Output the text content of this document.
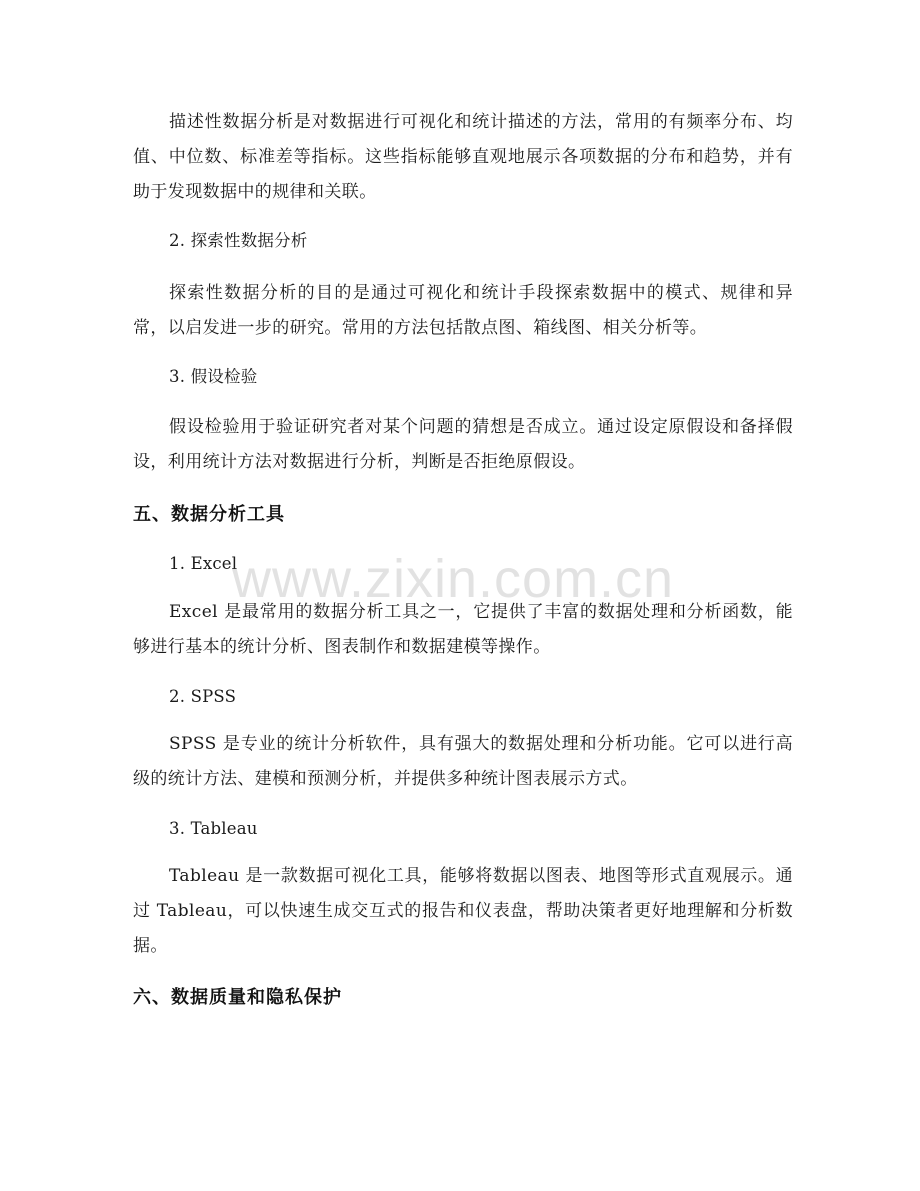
描述性数据分析是对数据进行可视化和统计描述的方法，常用的有频率分布、均值、中位数、标准差等指标。这些指标能够直观地展示各项数据的分布和趋势，并有助于发现数据中的规律和关联。

2. 探索性数据分析

探索性数据分析的目的是通过可视化和统计手段探索数据中的模式、规律和异常，以启发进一步的研究。常用的方法包括散点图、箱线图、相关分析等。

3. 假设检验

假设检验用于验证研究者对某个问题的猜想是否成立。通过设定原假设和备择假设，利用统计方法对数据进行分析，判断是否拒绝原假设。

五、数据分析工具
1. Excel

Excel 是最常用的数据分析工具之一，它提供了丰富的数据处理和分析函数，能够进行基本的统计分析、图表制作和数据建模等操作。

2. SPSS

SPSS 是专业的统计分析软件，具有强大的数据处理和分析功能。它可以进行高级的统计方法、建模和预测分析，并提供多种统计图表展示方式。

3. Tableau

Tableau 是一款数据可视化工具，能够将数据以图表、地图等形式直观展示。通过 Tableau，可以快速生成交互式的报告和仪表盘，帮助决策者更好地理解和分析数据。

六、数据质量和隐私保护
www.zixin.com.cn
